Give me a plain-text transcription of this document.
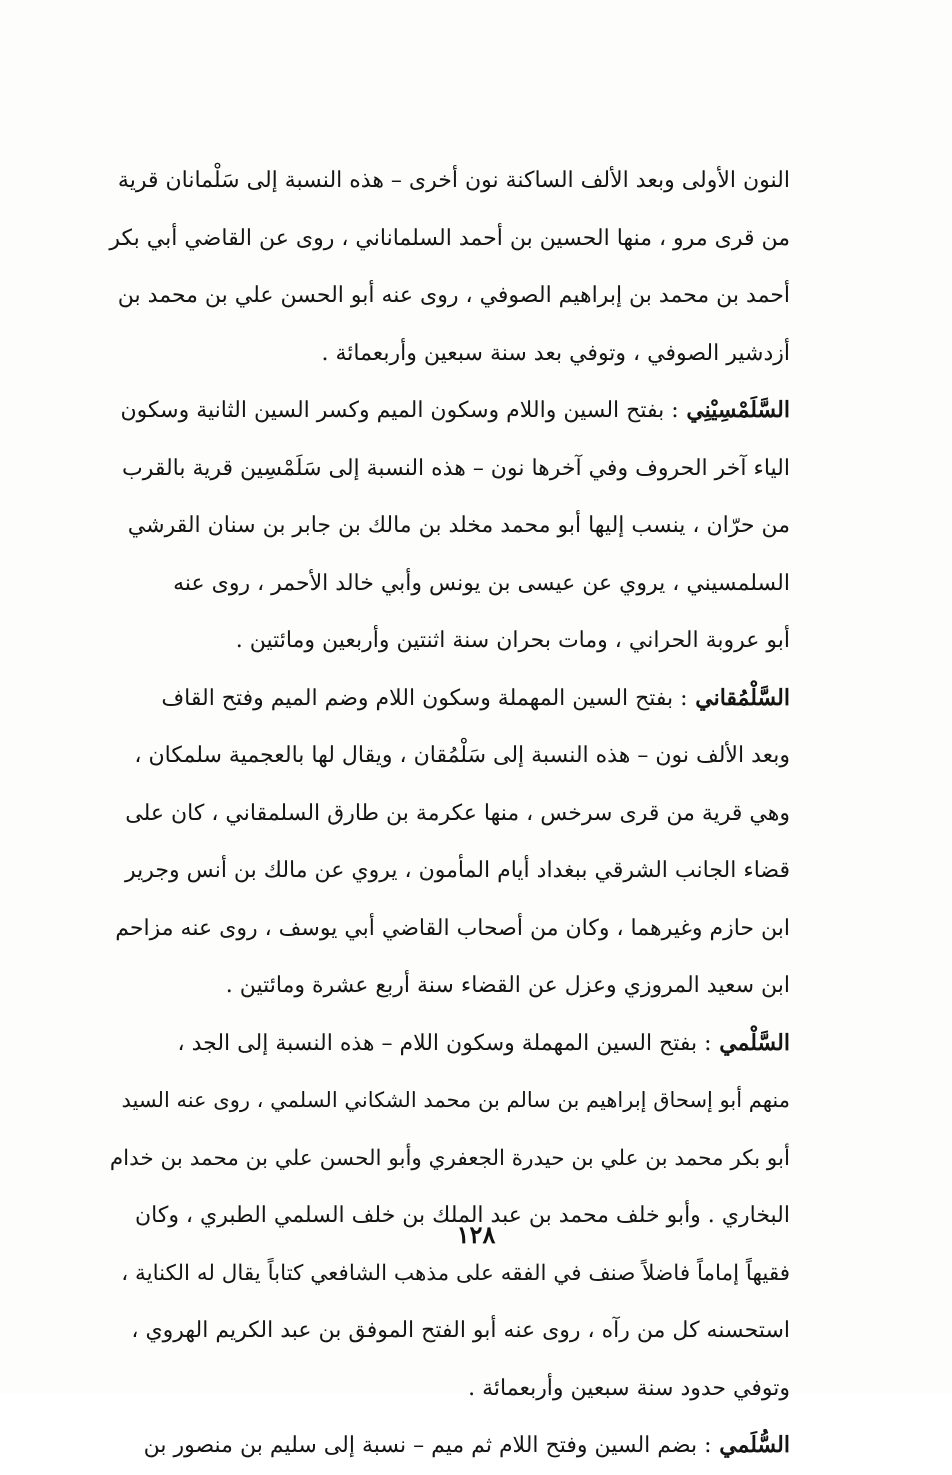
النون الأولى وبعد الألف الساكنة نون أخرى – هذه النسبة إلى سَلْمانان قرية
من قرى مرو ، منها الحسين بن أحمد السلماناني ، روى عن القاضي أبي بكر
أحمد بن محمد بن إبراهيم الصوفي ، روى عنه أبو الحسن علي بن محمد بن
أزدشير الصوفي ، وتوفي بعد سنة سبعين وأربعمائة .
السَّلَمْسِيْنِي : بفتح السين واللام وسكون الميم وكسر السين الثانية وسكون
الياء آخر الحروف وفي آخرها نون – هذه النسبة إلى سَلَمْسِين قرية بالقرب
من حرّان ، ينسب إليها أبو محمد مخلد بن مالك بن جابر بن سنان القرشي
السلمسيني ، يروي عن عيسى بن يونس وأبي خالد الأحمر ، روى عنه
أبو عروبة الحراني ، ومات بحران سنة اثنتين وأربعين ومائتين .
السَّلْمُقاني : بفتح السين المهملة وسكون اللام وضم الميم وفتح القاف
وبعد الألف نون – هذه النسبة إلى سَلْمُقان ، ويقال لها بالعجمية سلمكان ،
وهي قرية من قرى سرخس ، منها عكرمة بن طارق السلمقاني ، كان على
قضاء الجانب الشرقي ببغداد أيام المأمون ، يروي عن مالك بن أنس وجرير
ابن حازم وغيرهما ، وكان من أصحاب القاضي أبي يوسف ، روى عنه مزاحم
ابن سعيد المروزي وعزل عن القضاء سنة أربع عشرة ومائتين .
السَّلْمي : بفتح السين المهملة وسكون اللام – هذه النسبة إلى الجد ،
منهم أبو إسحاق إبراهيم بن سالم بن محمد الشكاني السلمي ، روى عنه السيد
أبو بكر محمد بن علي بن حيدرة الجعفري وأبو الحسن علي بن محمد بن خدام
البخاري . وأبو خلف محمد بن عبد الملك بن خلف السلمي الطبري ، وكان
فقيهاً إماماً فاضلاً صنف في الفقه على مذهب الشافعي كتاباً يقال له الكناية ،
استحسنه كل من رآه ، روى عنه أبو الفتح الموفق بن عبد الكريم الهروي ،
وتوفي حدود سنة سبعين وأربعمائة .
السُّلَمي : بضم السين وفتح اللام ثم ميم – نسبة إلى سليم بن منصور بن
١٢٨
